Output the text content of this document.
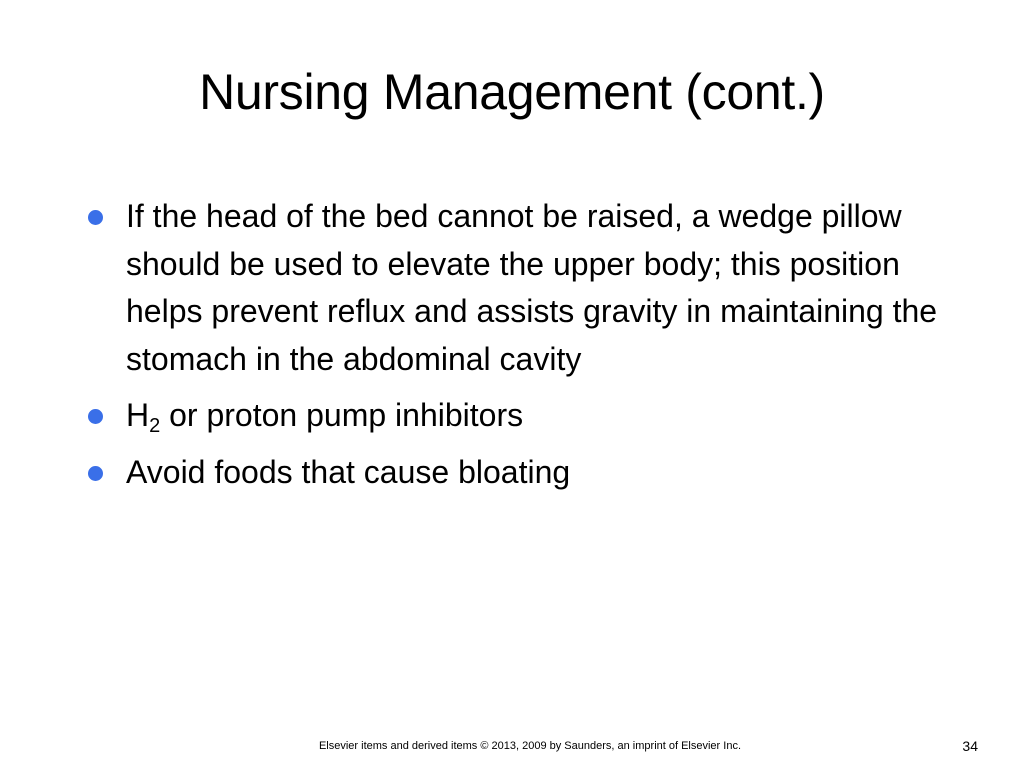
Nursing Management (cont.)
If the head of the bed cannot be raised, a wedge pillow should be used to elevate the upper body; this position helps prevent reflux and assists gravity in maintaining the stomach in the abdominal cavity
$H_2$ or proton pump inhibitors
Avoid foods that cause bloating
Elsevier items and derived items © 2013, 2009 by Saunders, an imprint of Elsevier Inc.	34
